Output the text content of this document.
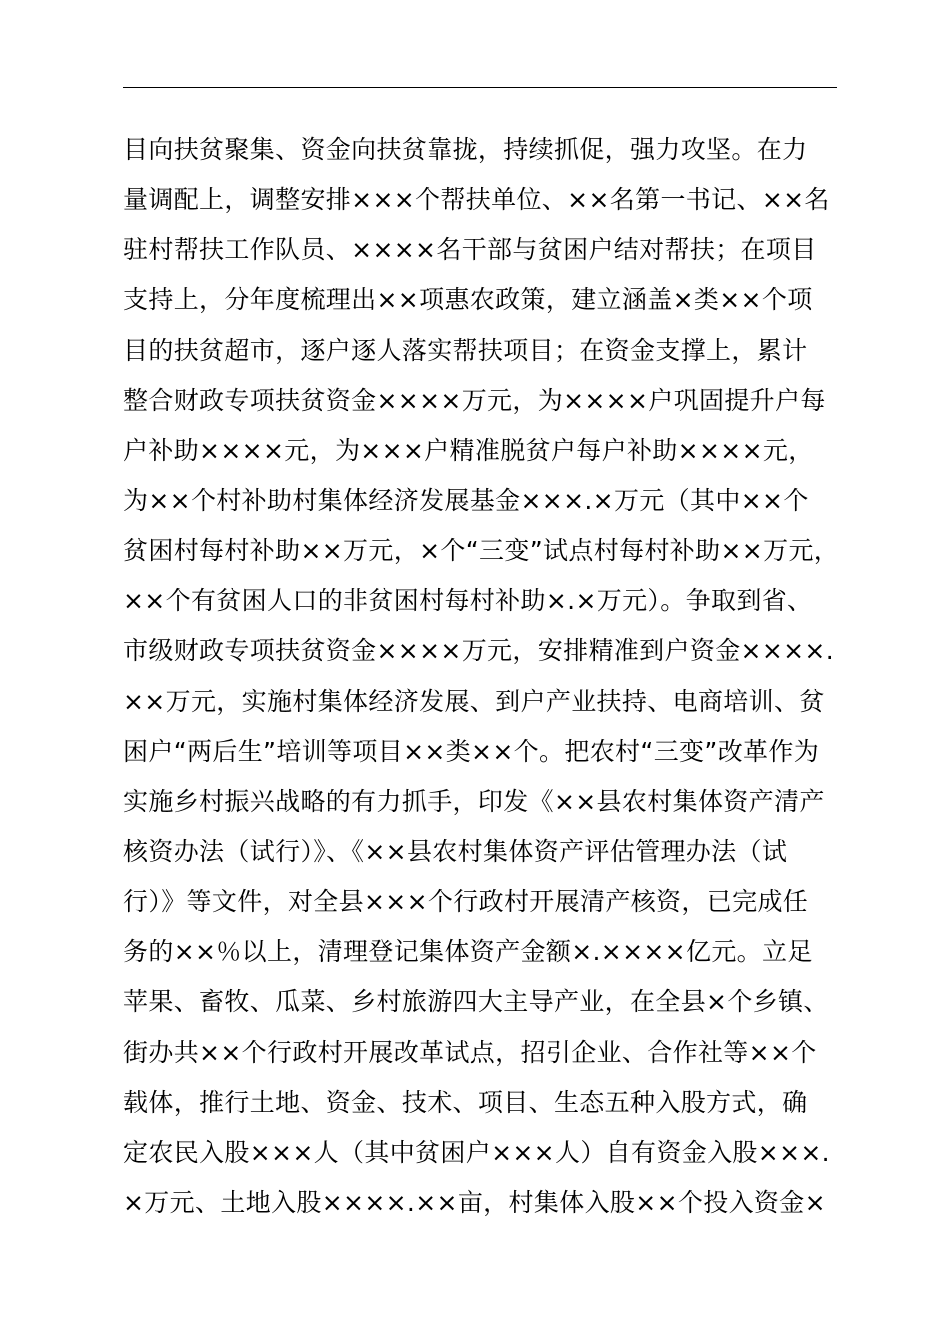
目向扶贫聚集、资金向扶贫靠拢，持续抓促，强力攻坚。在力
量调配上，调整安排×××个帮扶单位、××名第一书记、××名
驻村帮扶工作队员、××××名干部与贫困户结对帮扶；在项目
支持上，分年度梳理出××项惠农政策，建立涵盖×类××个项
目的扶贫超市，逐户逐人落实帮扶项目；在资金支撑上，累计
整合财政专项扶贫资金××××万元，为××××户巩固提升户每
户补助××××元，为×××户精准脱贫户每户补助××××元，
为××个村补助村集体经济发展基金×××.×万元（其中××个
贫困村每村补助××万元，×个“三变”试点村每村补助××万元，
××个有贫困人口的非贫困村每村补助×.×万元）。争取到省、
市级财政专项扶贫资金××××万元，安排精准到户资金××××.
××万元，实施村集体经济发展、到户产业扶持、电商培训、贫
困户“两后生”培训等项目××类××个。把农村“三变”改革作为
实施乡村振兴战略的有力抓手，印发《××县农村集体资产清产
核资办法（试行）》、《××县农村集体资产评估管理办法（试
行）》等文件，对全县×××个行政村开展清产核资，已完成任
务的××％以上，清理登记集体资产金额×.××××亿元。立足
苹果、畜牧、瓜菜、乡村旅游四大主导产业，在全县×个乡镇、
街办共××个行政村开展改革试点，招引企业、合作社等××个
载体，推行土地、资金、技术、项目、生态五种入股方式，确
定农民入股×××人（其中贫困户×××人）自有资金入股×××.
×万元、土地入股××××.××亩，村集体入股××个投入资金×
